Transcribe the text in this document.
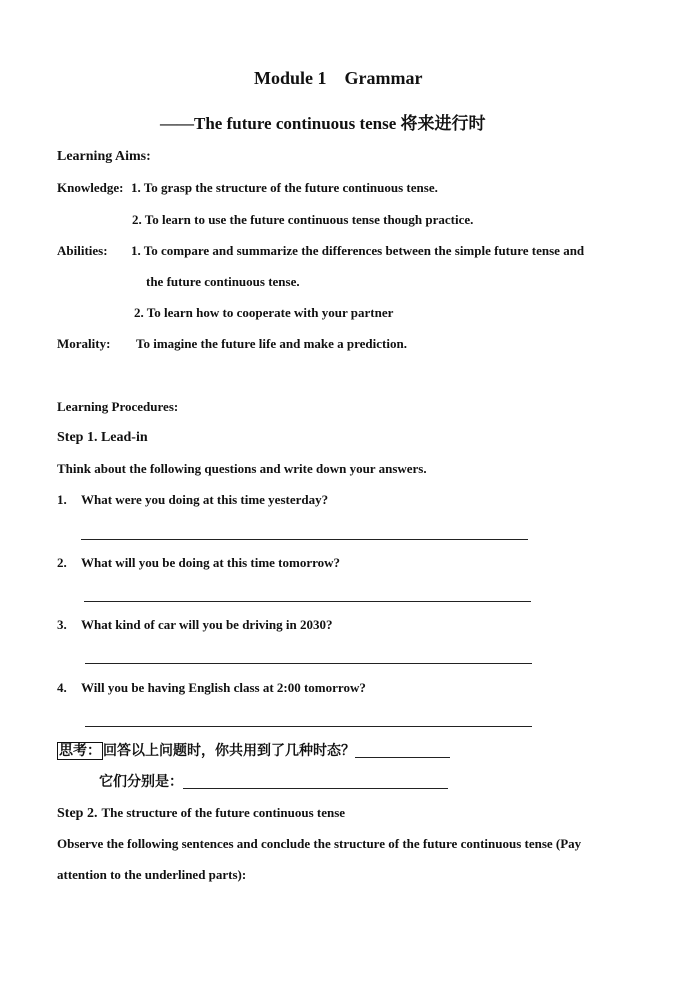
Module 1    Grammar
——The future continuous tense 将来进行时
Learning Aims:
Knowledge: 1. To grasp the structure of the future continuous tense.
2. To learn to use the future continuous tense though practice.
Abilities: 1. To compare and summarize the differences between the simple future tense and
the future continuous tense.
2. To learn how to cooperate with your partner
Morality: To imagine the future life and make a prediction.
Learning Procedures:
Step 1. Lead-in
Think about the following questions and write down your answers.
1. What were you doing at this time yesterday?
2. What will you be doing at this time tomorrow?
3. What kind of car will you be driving in 2030?
4. Will you be having English class at 2:00 tomorrow?
思考： 回答以上问题时，你共用到了几种时态？
它们分别是：
Step 2. The structure of the future continuous tense
Observe the following sentences and conclude the structure of the future continuous tense (Pay
attention to the underlined parts):
